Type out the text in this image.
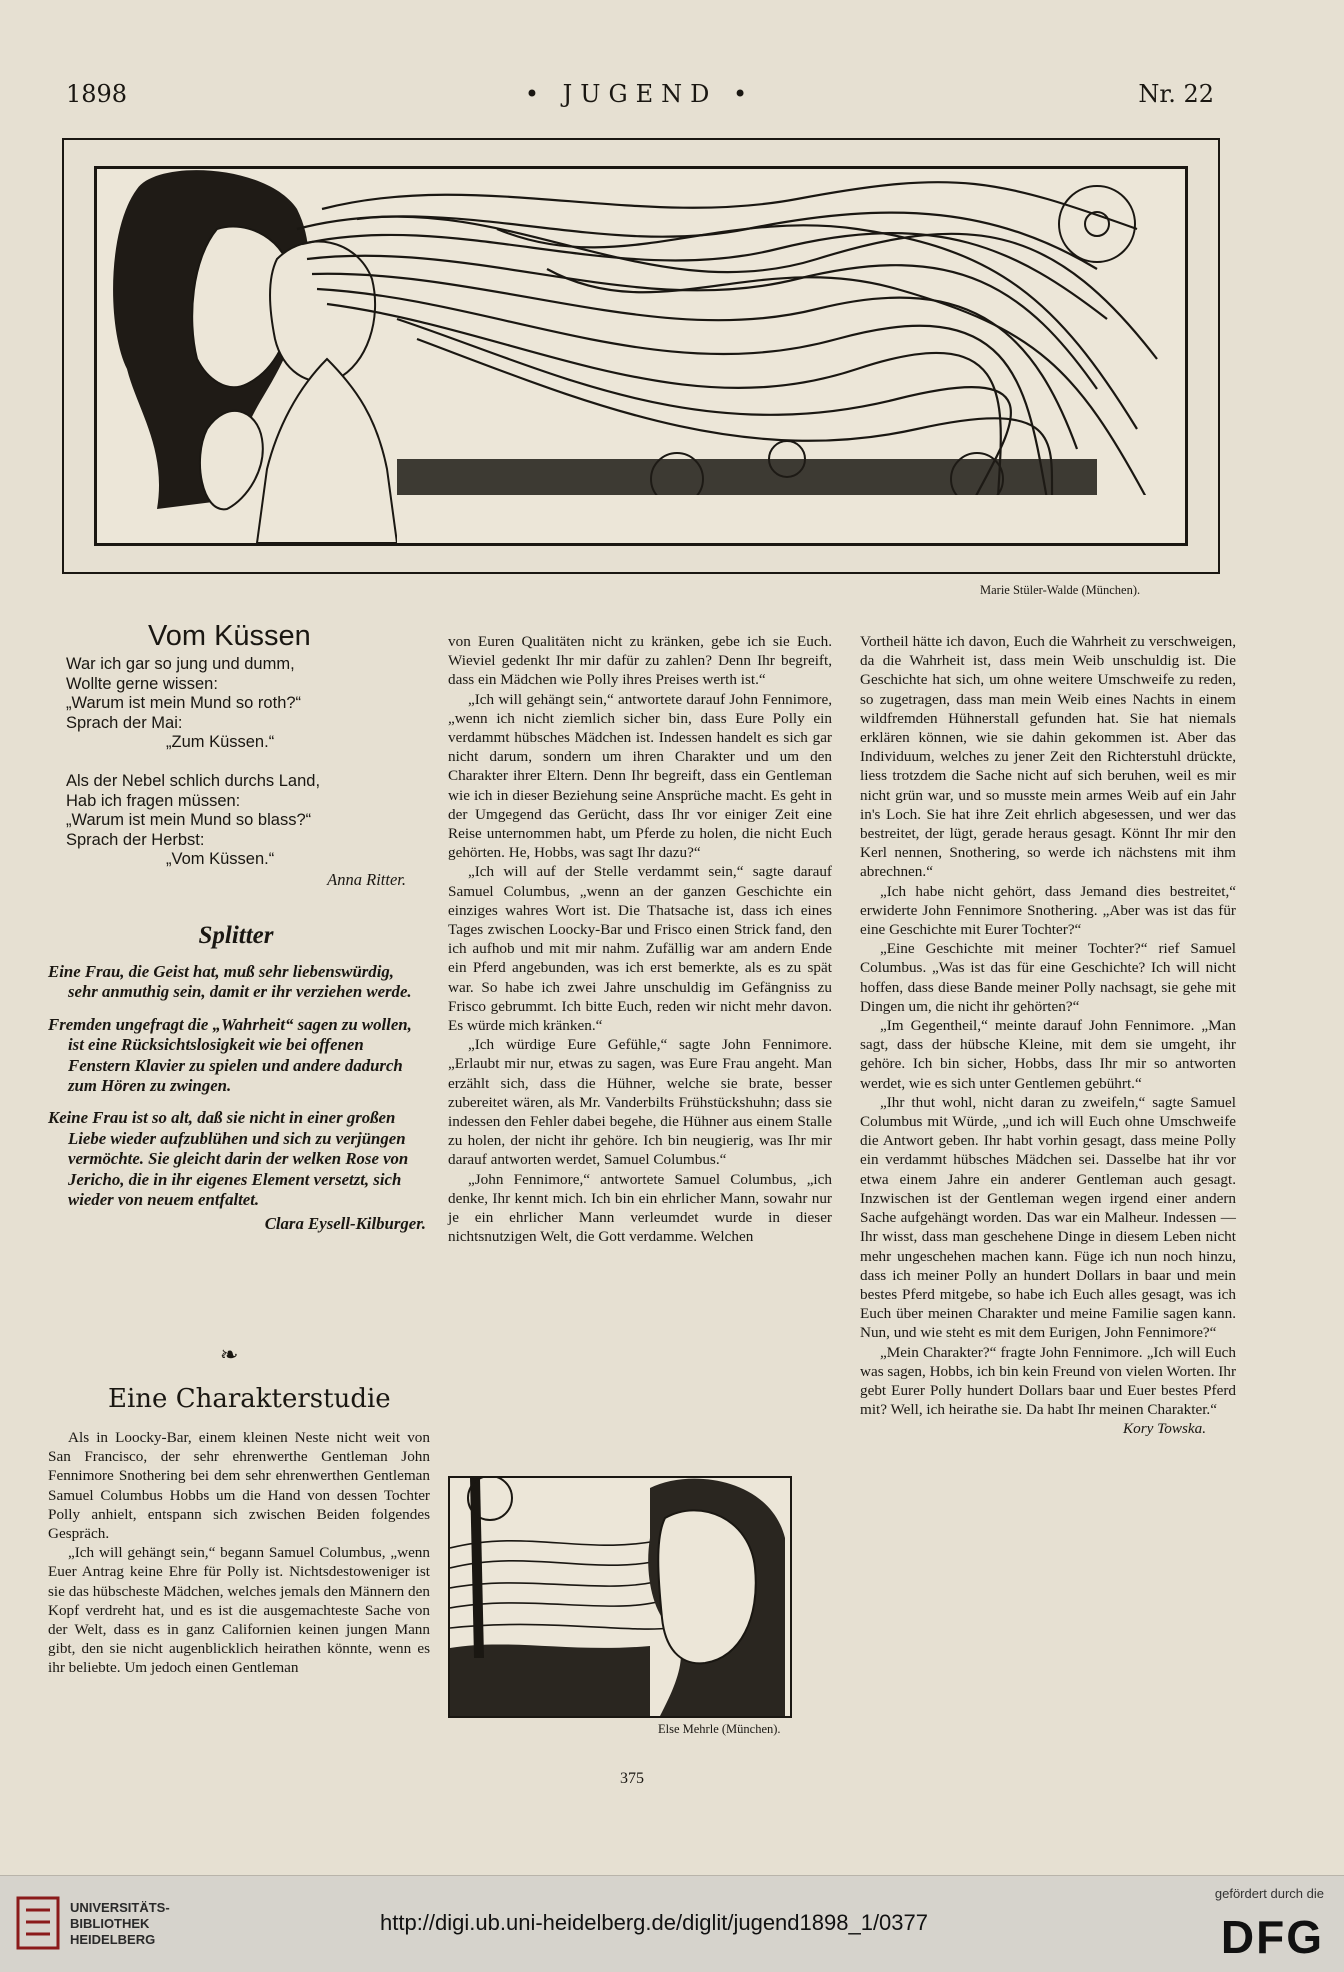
1898	• JUGEND •	Nr. 22
Marie Stüler-Walde (München).
Vom Küssen
War ich gar so jung und dumm,
Wollte gerne wissen:
„Warum ist mein Mund so roth?“
Sprach der Mai:
„Zum Küssen.“
Als der Nebel schlich durchs Land,
Hab ich fragen müssen:
„Warum ist mein Mund so blass?“
Sprach der Herbst:
„Vom Küssen.“
Anna Ritter.
Splitter

Eine Frau, die Geist hat, muß sehr liebenswürdig, sehr anmuthig sein, damit er ihr verziehen werde.

Fremden ungefragt die „Wahrheit“ sagen zu wollen, ist eine Rücksichtslosigkeit wie bei offenen Fenstern Klavier zu spielen und andere dadurch zum Hören zu zwingen.

Keine Frau ist so alt, daß sie nicht in einer großen Liebe wieder aufzublühen und sich zu verjüngen vermöchte. Sie gleicht darin der welken Rose von Jericho, die in ihr eigenes Element versetzt, sich wieder von neuem entfaltet.

Clara Eysell-Kilburger.
❧
Eine Charakterstudie

Als in Loocky-Bar, einem kleinen Neste nicht weit von San Francisco, der sehr ehrenwerthe Gentleman John Fennimore Snothering bei dem sehr ehrenwerthen Gentleman Samuel Columbus Hobbs um die Hand von dessen Tochter Polly anhielt, entspann sich zwischen Beiden folgendes Gespräch.

„Ich will gehängt sein,“ begann Samuel Columbus, „wenn Euer Antrag keine Ehre für Polly ist. Nichtsdestoweniger ist sie das hübscheste Mädchen, welches jemals den Männern den Kopf verdreht hat, und es ist die ausgemachteste Sache von der Welt, dass es in ganz Californien keinen jungen Mann gibt, den sie nicht augenblicklich heirathen könnte, wenn es ihr beliebte. Um jedoch einen Gentleman

von Euren Qualitäten nicht zu kränken, gebe ich sie Euch. Wieviel gedenkt Ihr mir dafür zu zahlen? Denn Ihr begreift, dass ein Mädchen wie Polly ihres Preises werth ist.“

„Ich will gehängt sein,“ antwortete darauf John Fennimore, „wenn ich nicht ziemlich sicher bin, dass Eure Polly ein verdammt hübsches Mädchen ist. Indessen handelt es sich gar nicht darum, sondern um ihren Charakter und um den Charakter ihrer Eltern. Denn Ihr begreift, dass ein Gentleman wie ich in dieser Beziehung seine Ansprüche macht. Es geht in der Umgegend das Gerücht, dass Ihr vor einiger Zeit eine Reise unternommen habt, um Pferde zu holen, die nicht Euch gehörten. He, Hobbs, was sagt Ihr dazu?“

„Ich will auf der Stelle verdammt sein,“ sagte darauf Samuel Columbus, „wenn an der ganzen Geschichte ein einziges wahres Wort ist. Die Thatsache ist, dass ich eines Tages zwischen Loocky-Bar und Frisco einen Strick fand, den ich aufhob und mit mir nahm. Zufällig war am andern Ende ein Pferd angebunden, was ich erst bemerkte, als es zu spät war. So habe ich zwei Jahre unschuldig im Gefängniss zu Frisco gebrummt. Ich bitte Euch, reden wir nicht mehr davon. Es würde mich kränken.“

„Ich würdige Eure Gefühle,“ sagte John Fennimore. „Erlaubt mir nur, etwas zu sagen, was Eure Frau angeht. Man erzählt sich, dass die Hühner, welche sie brate, besser zubereitet wären, als Mr. Vanderbilts Frühstückshuhn; dass sie indessen den Fehler dabei begehe, die Hühner aus einem Stalle zu holen, der nicht ihr gehöre. Ich bin neugierig, was Ihr mir darauf antworten werdet, Samuel Columbus.“

„John Fennimore,“ antwortete Samuel Columbus, „ich denke, Ihr kennt mich. Ich bin ein ehrlicher Mann, sowahr nur je ein ehrlicher Mann verleumdet wurde in dieser nichtsnutzigen Welt, die Gott verdamme. Welchen

Else Mehrle (München).

Vortheil hätte ich davon, Euch die Wahrheit zu verschweigen, da die Wahrheit ist, dass mein Weib unschuldig ist. Die Geschichte hat sich, um ohne weitere Umschweife zu reden, so zugetragen, dass man mein Weib eines Nachts in einem wildfremden Hühnerstall gefunden hat. Sie hat niemals erklären können, wie sie dahin gekommen ist. Aber das Individuum, welches zu jener Zeit den Richterstuhl drückte, liess trotzdem die Sache nicht auf sich beruhen, weil es mir nicht grün war, und so musste mein armes Weib auf ein Jahr in's Loch. Sie hat ihre Zeit ehrlich abgesessen, und wer das bestreitet, der lügt, gerade heraus gesagt. Könnt Ihr mir den Kerl nennen, Snothering, so werde ich nächstens mit ihm abrechnen.“

„Ich habe nicht gehört, dass Jemand dies bestreitet,“ erwiderte John Fennimore Snothering. „Aber was ist das für eine Geschichte mit Eurer Tochter?“

„Eine Geschichte mit meiner Tochter?“ rief Samuel Columbus. „Was ist das für eine Geschichte? Ich will nicht hoffen, dass diese Bande meiner Polly nachsagt, sie gehe mit Dingen um, die nicht ihr gehörten?“

„Im Gegentheil,“ meinte darauf John Fennimore. „Man sagt, dass der hübsche Kleine, mit dem sie umgeht, ihr gehöre. Ich bin sicher, Hobbs, dass Ihr mir so antworten werdet, wie es sich unter Gentlemen gebührt.“

„Ihr thut wohl, nicht daran zu zweifeln,“ sagte Samuel Columbus mit Würde, „und ich will Euch ohne Umschweife die Antwort geben. Ihr habt vorhin gesagt, dass meine Polly ein verdammt hübsches Mädchen sei. Dasselbe hat ihr vor etwa einem Jahre ein anderer Gentleman auch gesagt. Inzwischen ist der Gentleman wegen irgend einer andern Sache aufgehängt worden. Das war ein Malheur. Indessen — Ihr wisst, dass man geschehene Dinge in diesem Leben nicht mehr ungeschehen machen kann. Füge ich nun noch hinzu, dass ich meiner Polly an hundert Dollars in baar und mein bestes Pferd mitgebe, so habe ich Euch alles gesagt, was ich Euch über meinen Charakter und meine Familie sagen kann. Nun, und wie steht es mit dem Eurigen, John Fennimore?“

„Mein Charakter?“ fragte John Fennimore. „Ich will Euch was sagen, Hobbs, ich bin kein Freund von vielen Worten. Ihr gebt Eurer Polly hundert Dollars baar und Euer bestes Pferd mit? Well, ich heirathe sie. Da habt Ihr meinen Charakter.“

Kory Towska.
375
UNIVERSITÄTS-
BIBLIOTHEK
HEIDELBERG
http://digi.ub.uni-heidelberg.de/diglit/jugend1898_1/0377
gefördert durch die
DFG
